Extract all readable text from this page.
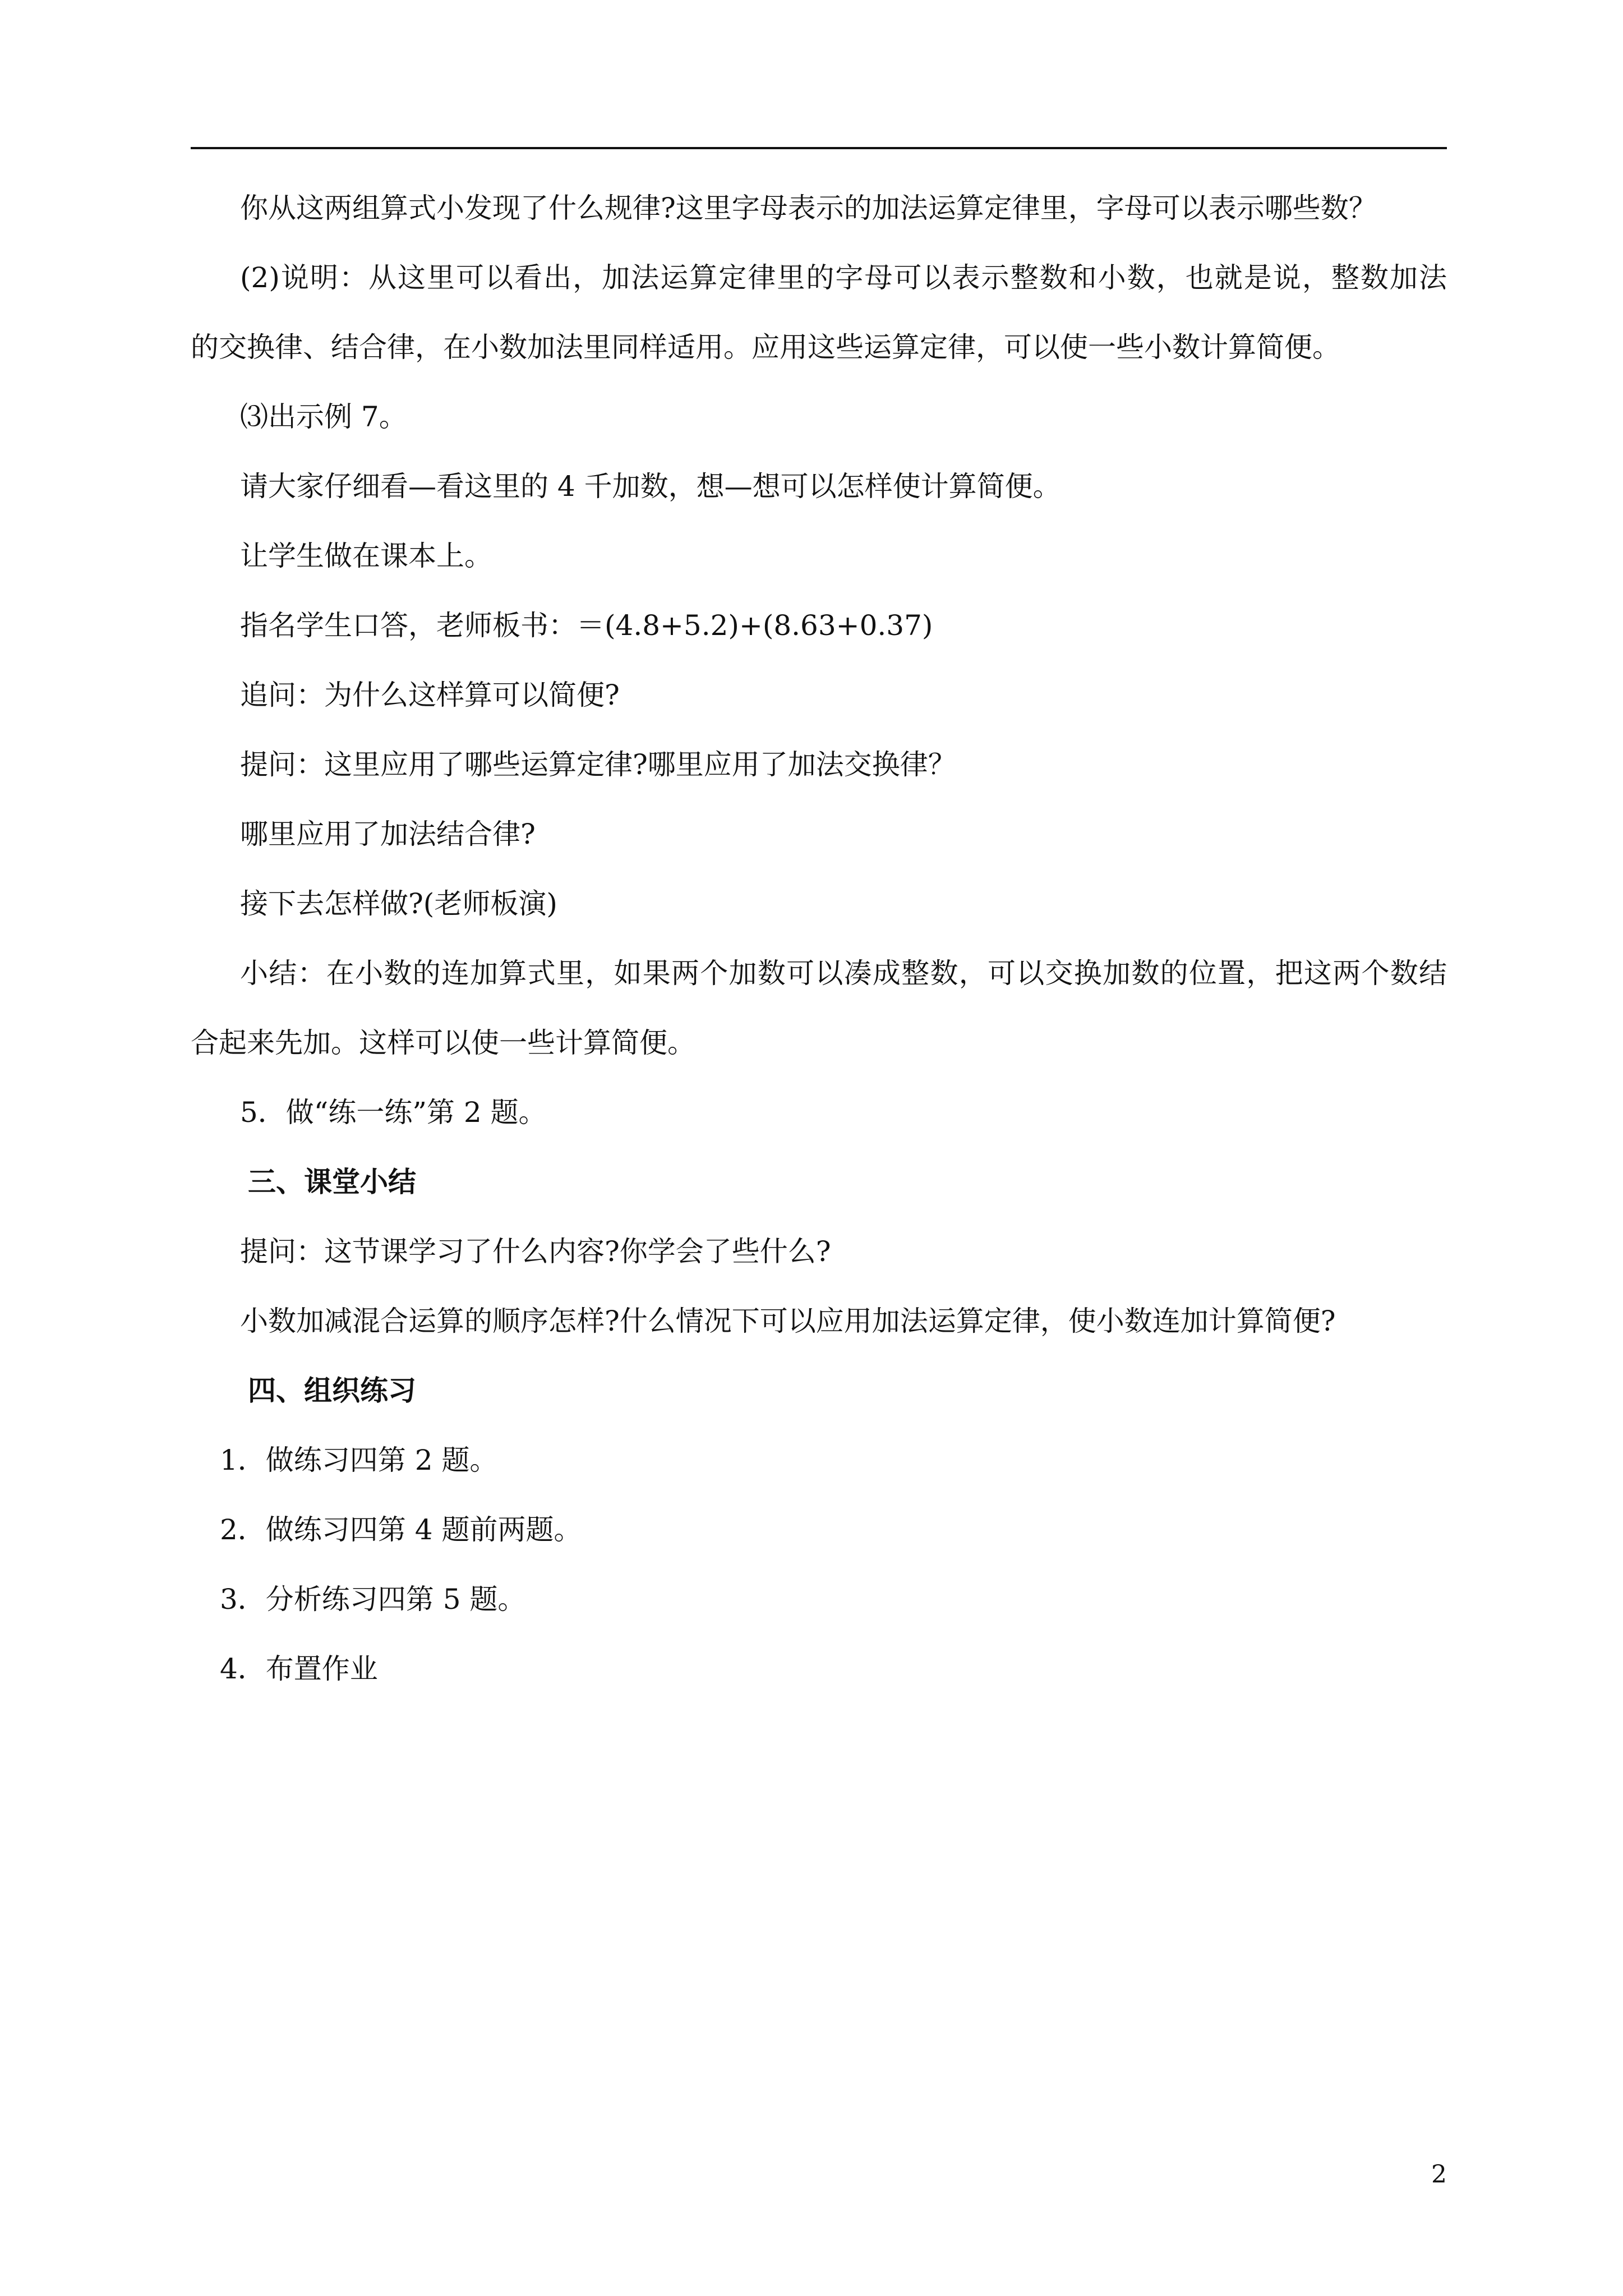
你从这两组算式小发现了什么规律?这里字母表示的加法运算定律里，字母可以表示哪些数？
(2)说明：从这里可以看出，加法运算定律里的字母可以表示整数和小数，也就是说，整数加法
的交换律、结合律，在小数加法里同样适用。应用这些运算定律，可以使一些小数计算简便。
⑶出示例 7。
请大家仔细看—看这里的 4 千加数，想—想可以怎样使计算简便。
让学生做在课本上。
指名学生口答，老师板书：＝(4.8+5.2)+(8.63+0.37)
追问：为什么这样算可以简便?
提问：这里应用了哪些运算定律?哪里应用了加法交换律？
哪里应用了加法结合律?
接下去怎样做?(老师板演)
小结：在小数的连加算式里，如果两个加数可以凑成整数，可以交换加数的位置，把这两个数结
合起来先加。这样可以使一些计算简便。
5．做“练一练”第 2 题。
三、课堂小结
提问：这节课学习了什么内容?你学会了些什么?
小数加减混合运算的顺序怎样?什么情况下可以应用加法运算定律，使小数连加计算简便?
四、组织练习
1．做练习四第 2 题。
2．做练习四第 4 题前两题。
3．分析练习四第 5 题。
4．布置作业
2
